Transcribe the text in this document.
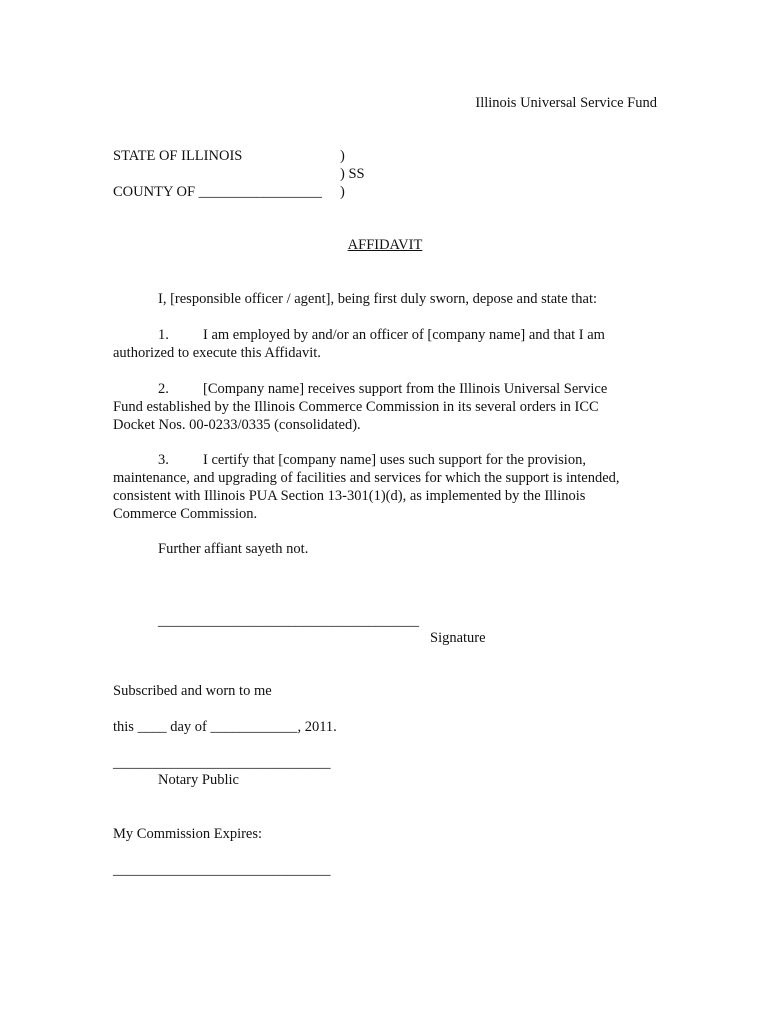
Illinois Universal Service Fund
STATE OF ILLINOIS	)
) SS
COUNTY OF _________________ )
AFFIDAVIT
I, [responsible officer / agent], being first duly sworn, depose and state that:
1. I am employed by and/or an officer of [company name] and that I am
authorized to execute this Affidavit.
2. [Company name] receives support from the Illinois Universal Service
Fund established by the Illinois Commerce Commission in its several orders in ICC
Docket Nos. 00-0233/0335 (consolidated).
3. I certify that [company name] uses such support for the provision,
maintenance, and upgrading of facilities and services for which the support is intended,
consistent with Illinois PUA Section 13-301(1)(d), as implemented by the Illinois
Commerce Commission.
Further affiant sayeth not.
____________________________________
Signature
Subscribed and worn to me
this ____ day of ____________, 2011.
______________________________
Notary Public
My Commission Expires:
______________________________
